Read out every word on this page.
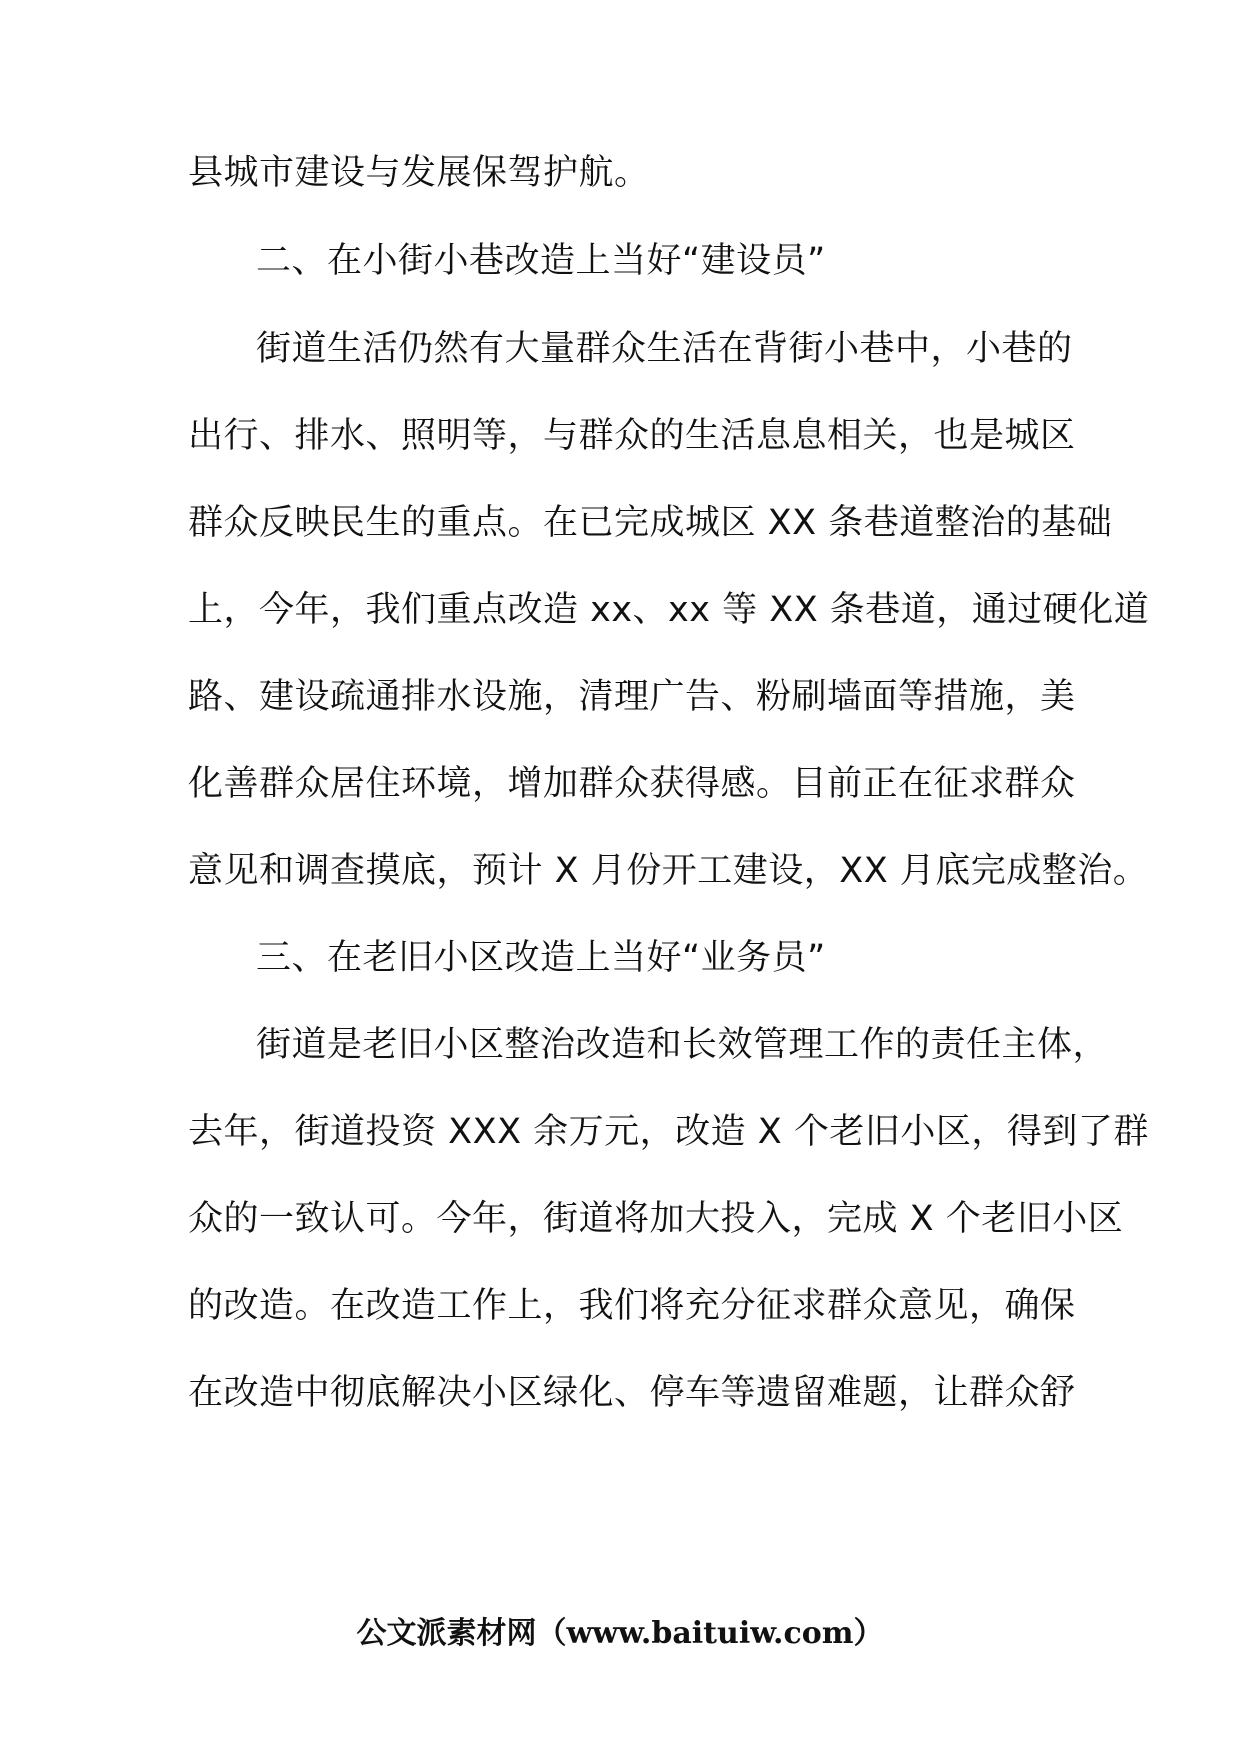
县城市建设与发展保驾护航。
二、在小街小巷改造上当好“建设员”
街道生活仍然有大量群众生活在背街小巷中，小巷的
出行、排水、照明等，与群众的生活息息相关，也是城区
群众反映民生的重点。在已完成城区 XX 条巷道整治的基础
上，今年，我们重点改造 xx、xx 等 XX 条巷道，通过硬化道
路、建设疏通排水设施，清理广告、粉刷墙面等措施，美
化善群众居住环境，增加群众获得感。目前正在征求群众
意见和调查摸底，预计 X 月份开工建设，XX 月底完成整治。
三、在老旧小区改造上当好“业务员”
街道是老旧小区整治改造和长效管理工作的责任主体，
去年，街道投资 XXX 余万元，改造 X 个老旧小区，得到了群
众的一致认可。今年，街道将加大投入，完成 X 个老旧小区
的改造。在改造工作上，我们将充分征求群众意见，确保
在改造中彻底解决小区绿化、停车等遗留难题，让群众舒
公文派素材网（www.baituiw.com）
